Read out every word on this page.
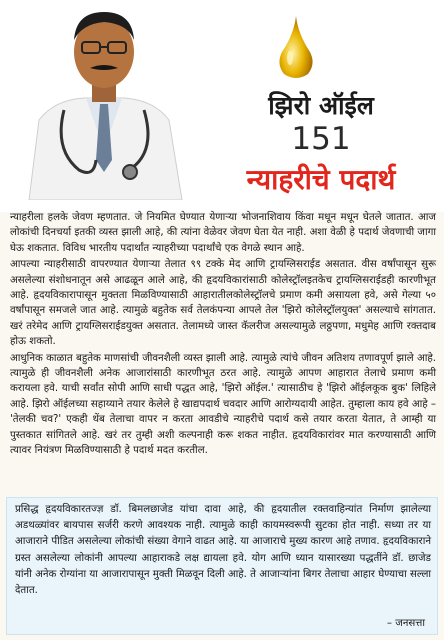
झिरो ऑईल
151
न्याहरीचे पदार्थ

न्याहरीला हलके जेवण म्हणतात. जे नियमित घेण्यात येणाऱ्या भोजनाशिवाय किंवा मधून मधून घेतले जातात. आज लोकांची दिनचर्या इतकी व्यस्त झाली आहे, की त्यांना वेळेवर जेवण घेता येत नाही. अशा वेळी हे पदार्थ जेवणाची जागा घेऊ शकतात. विविध भारतीय पदार्थांत न्याहरीच्या पदार्थांचे एक वेगळे स्थान आहे.

आपल्या न्याहरीसाठी वापरण्यात येणाऱ्या तेलात ९९ टक्के मेद आणि ट्रायग्लिसराईड असतात. वीस वर्षांपासून सुरू असलेल्या संशोधनातून असे आढळून आले आहे, की हृदयविकारांसाठी कोलेस्ट्रॉलइतकेच ट्रायग्लिसराईडही कारणीभूत आहे. हृदयविकारापासून मुक्तता मिळविण्यासाठी आहारातीलकोलेस्ट्रॉलचे प्रमाण कमी असायला हवे, असे गेल्या ५० वर्षांपासून समजले जात आहे. त्यामुळे बहुतेक सर्व तेलकंपन्या आपले तेल 'झिरो कोलेस्ट्रॉलयुक्त' असल्याचे सांगतात. खरं तरेमेद आणि ट्रायग्लिसराईडयुक्त असतात. तेलामध्ये जास्त कॅलरीज असल्यामुळे लठ्ठपणा, मधुमेह आणि रक्तदाब होऊ शकतो.

आधुनिक काळात बहुतेक माणसांची जीवनशैली व्यस्त झाली आहे. त्यामुळे त्यांचे जीवन अतिशय तणावपूर्ण झाले आहे. त्यामुळे ही जीवनशैली अनेक आजारांसाठी कारणीभूत ठरत आहे. त्यामुळे आपण आहारात तेलाचे प्रमाण कमी करायला हवे. याची सर्वांत सोपी आणि साधी पद्धत आहे, 'झिरो ऑईल.' त्यासाठीच हे 'झिरो ऑईलकूक बुक' लिहिले आहे. झिरो ऑईलच्या सहाय्याने तयार केलेले हे खाद्यपदार्थ चवदार आणि आरोग्यदायी आहेत. तुम्हाला काय हवे आहे – 'तेलकी चव?' एकही थेंब तेलाचा वापर न करता आवडीचे न्याहरीचे पदार्थ कसे तयार करता येतात, ते आम्ही या पुस्तकात सांगितले आहे. खरं तर तुम्ही अशी कल्पनाही करू शकत नाहीत. हृदयविकारांवर मात करण्यासाठी आणि त्यावर नियंत्रण मिळविण्यासाठी हे पदार्थ मदत करतील.

प्रसिद्ध हृदयविकारतज्ज्ञ डॉ. बिमलछाजेड यांचा दावा आहे, की हृदयातील रक्तवाहिन्यांत निर्माण झालेल्या अडथळ्यांवर बायपास सर्जरी करणे आवश्यक नाही. त्यामुळे काही कायमस्वरूपी सुटका होत नाही. सध्या तर या आजाराने पीडित असलेल्या लोकांची संख्या वेगाने वाढत आहे. या आजाराचे मुख्य कारण आहे तणाव. हृदयविकाराने ग्रस्त असलेल्या लोकांनी आपल्या आहाराकडे लक्ष द्यायला हवे. योग आणि ध्यान यासारख्या पद्धतींने डॉ. छाजेड यांनी अनेक रोग्यांना या आजारापासून मुक्ती मिळवून दिली आहे. ते आजाऱ्यांना बिगर तेलाचा आहार घेण्याचा सल्ला देतात.
– जनसत्ता
